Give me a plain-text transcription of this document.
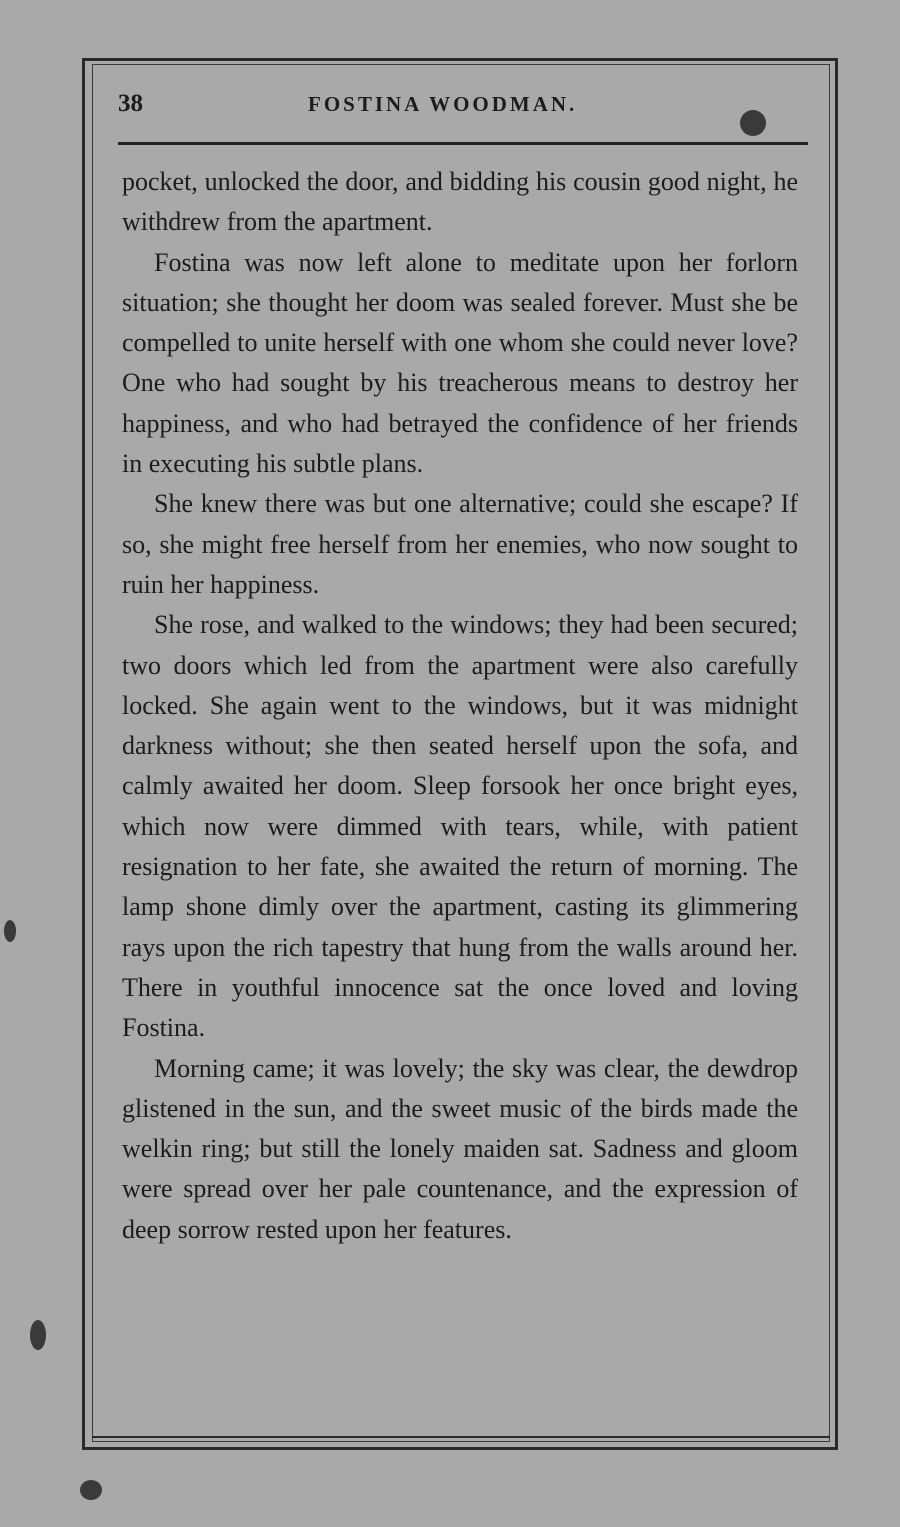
38	FOSTINA WOODMAN.

pocket, unlocked the door, and bidding his cousin good night, he withdrew from the apartment.

Fostina was now left alone to meditate upon her forlorn situation; she thought her doom was sealed forever. Must she be compelled to unite herself with one whom she could never love? One who had sought by his treacherous means to destroy her happiness, and who had betrayed the confidence of her friends in executing his subtle plans.

She knew there was but one alternative; could she escape? If so, she might free herself from her enemies, who now sought to ruin her happiness.

She rose, and walked to the windows; they had been secured; two doors which led from the apartment were also carefully locked. She again went to the windows, but it was midnight darkness without; she then seated herself upon the sofa, and calmly awaited her doom. Sleep forsook her once bright eyes, which now were dimmed with tears, while, with patient resignation to her fate, she awaited the return of morning. The lamp shone dimly over the apartment, casting its glimmering rays upon the rich tapestry that hung from the walls around her. There in youthful innocence sat the once loved and loving Fostina.

Morning came; it was lovely; the sky was clear, the dewdrop glistened in the sun, and the sweet music of the birds made the welkin ring; but still the lonely maiden sat. Sadness and gloom were spread over her pale countenance, and the expression of deep sorrow rested upon her features.
